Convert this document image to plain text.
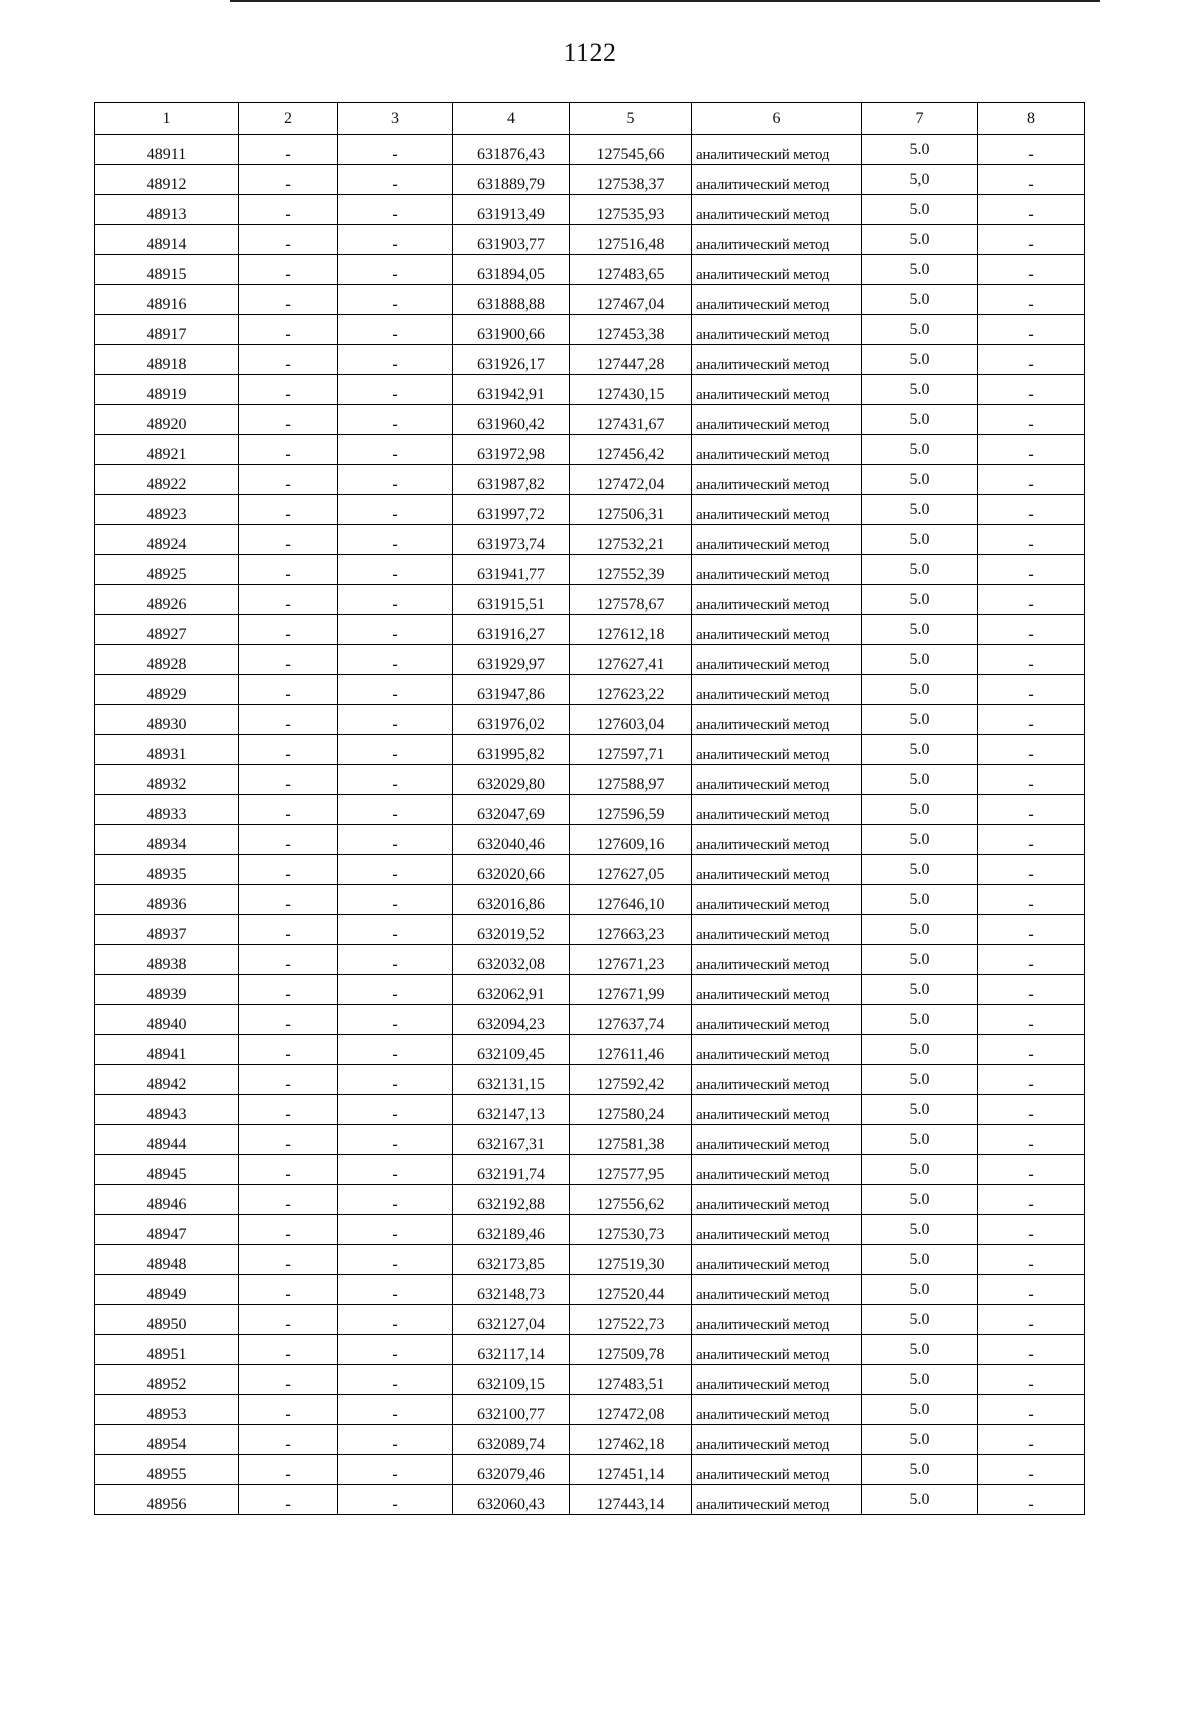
1122
1	2	3	4	5	6	7	8
48911	-	-	631876,43	127545,66	аналитический метод	5.0	-
48912	-	-	631889,79	127538,37	аналитический метод	5,0	-
48913	-	-	631913,49	127535,93	аналитический метод	5.0	-
48914	-	-	631903,77	127516,48	аналитический метод	5.0	-
48915	-	-	631894,05	127483,65	аналитический метод	5.0	-
48916	-	-	631888,88	127467,04	аналитический метод	5.0	-
48917	-	-	631900,66	127453,38	аналитический метод	5.0	-
48918	-	-	631926,17	127447,28	аналитический метод	5.0	-
48919	-	-	631942,91	127430,15	аналитический метод	5.0	-
48920	-	-	631960,42	127431,67	аналитический метод	5.0	-
48921	-	-	631972,98	127456,42	аналитический метод	5.0	-
48922	-	-	631987,82	127472,04	аналитический метод	5.0	-
48923	-	-	631997,72	127506,31	аналитический метод	5.0	-
48924	-	-	631973,74	127532,21	аналитический метод	5.0	-
48925	-	-	631941,77	127552,39	аналитический метод	5.0	-
48926	-	-	631915,51	127578,67	аналитический метод	5.0	-
48927	-	-	631916,27	127612,18	аналитический метод	5.0	-
48928	-	-	631929,97	127627,41	аналитический метод	5.0	-
48929	-	-	631947,86	127623,22	аналитический метод	5.0	-
48930	-	-	631976,02	127603,04	аналитический метод	5.0	-
48931	-	-	631995,82	127597,71	аналитический метод	5.0	-
48932	-	-	632029,80	127588,97	аналитический метод	5.0	-
48933	-	-	632047,69	127596,59	аналитический метод	5.0	-
48934	-	-	632040,46	127609,16	аналитический метод	5.0	-
48935	-	-	632020,66	127627,05	аналитический метод	5.0	-
48936	-	-	632016,86	127646,10	аналитический метод	5.0	-
48937	-	-	632019,52	127663,23	аналитический метод	5.0	-
48938	-	-	632032,08	127671,23	аналитический метод	5.0	-
48939	-	-	632062,91	127671,99	аналитический метод	5.0	-
48940	-	-	632094,23	127637,74	аналитический метод	5.0	-
48941	-	-	632109,45	127611,46	аналитический метод	5.0	-
48942	-	-	632131,15	127592,42	аналитический метод	5.0	-
48943	-	-	632147,13	127580,24	аналитический метод	5.0	-
48944	-	-	632167,31	127581,38	аналитический метод	5.0	-
48945	-	-	632191,74	127577,95	аналитический метод	5.0	-
48946	-	-	632192,88	127556,62	аналитический метод	5.0	-
48947	-	-	632189,46	127530,73	аналитический метод	5.0	-
48948	-	-	632173,85	127519,30	аналитический метод	5.0	-
48949	-	-	632148,73	127520,44	аналитический метод	5.0	-
48950	-	-	632127,04	127522,73	аналитический метод	5.0	-
48951	-	-	632117,14	127509,78	аналитический метод	5.0	-
48952	-	-	632109,15	127483,51	аналитический метод	5.0	-
48953	-	-	632100,77	127472,08	аналитический метод	5.0	-
48954	-	-	632089,74	127462,18	аналитический метод	5.0	-
48955	-	-	632079,46	127451,14	аналитический метод	5.0	-
48956	-	-	632060,43	127443,14	аналитический метод	5.0	-
